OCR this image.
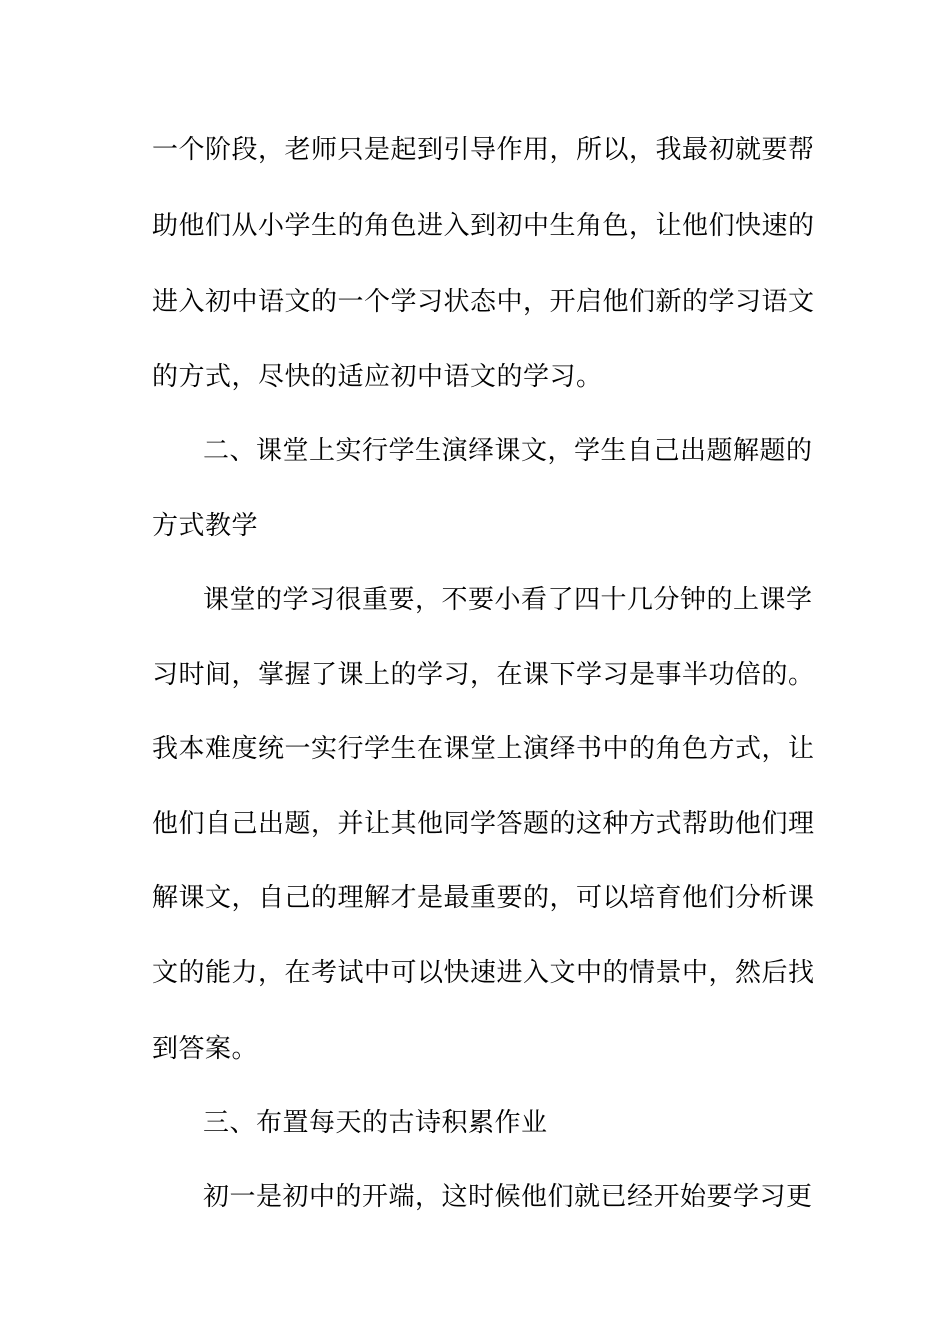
一个阶段，老师只是起到引导作用，所以，我最初就要帮
助他们从小学生的角色进入到初中生角色，让他们快速的
进入初中语文的一个学习状态中，开启他们新的学习语文
的方式，尽快的适应初中语文的学习。
二、课堂上实行学生演绎课文，学生自己出题解题的
方式教学
课堂的学习很重要，不要小看了四十几分钟的上课学
习时间，掌握了课上的学习，在课下学习是事半功倍的。
我本难度统一实行学生在课堂上演绎书中的角色方式，让
他们自己出题，并让其他同学答题的这种方式帮助他们理
解课文，自己的理解才是最重要的，可以培育他们分析课
文的能力，在考试中可以快速进入文中的情景中，然后找
到答案。
三、布置每天的古诗积累作业
初一是初中的开端，这时候他们就已经开始要学习更
